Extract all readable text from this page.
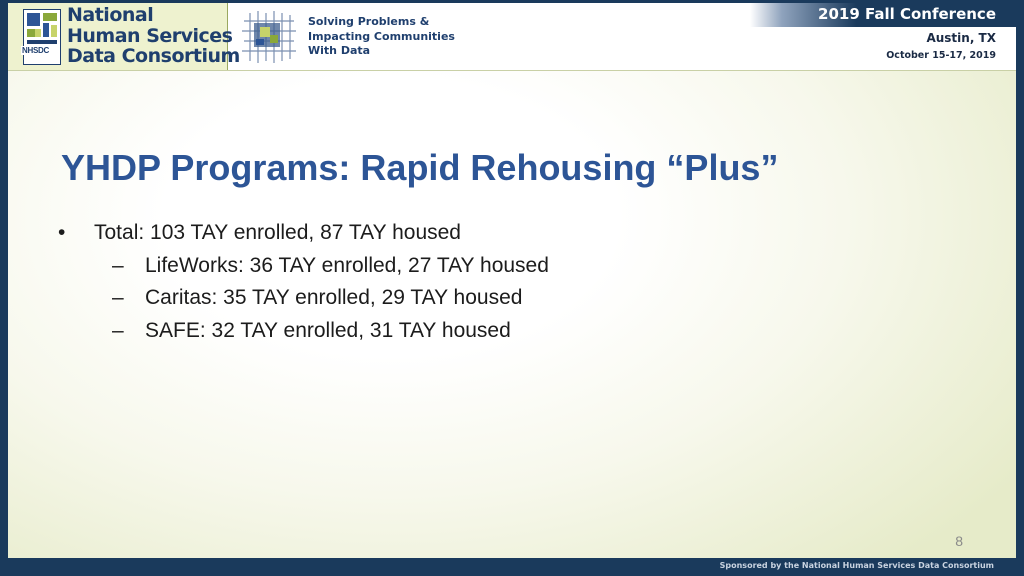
National
Human Services
Data Consortium
NHSDC
Solving Problems &
Impacting Communities
With Data
2019 Fall Conference
Austin, TX
October 15-17, 2019
YHDP Programs: Rapid Rehousing “Plus”
•	Total: 103 TAY enrolled, 87 TAY housed
–	LifeWorks: 36 TAY enrolled, 27 TAY housed
–	Caritas: 35 TAY enrolled, 29 TAY housed
–	SAFE: 32 TAY enrolled, 31 TAY housed
8
Sponsored by the National Human Services Data Consortium
